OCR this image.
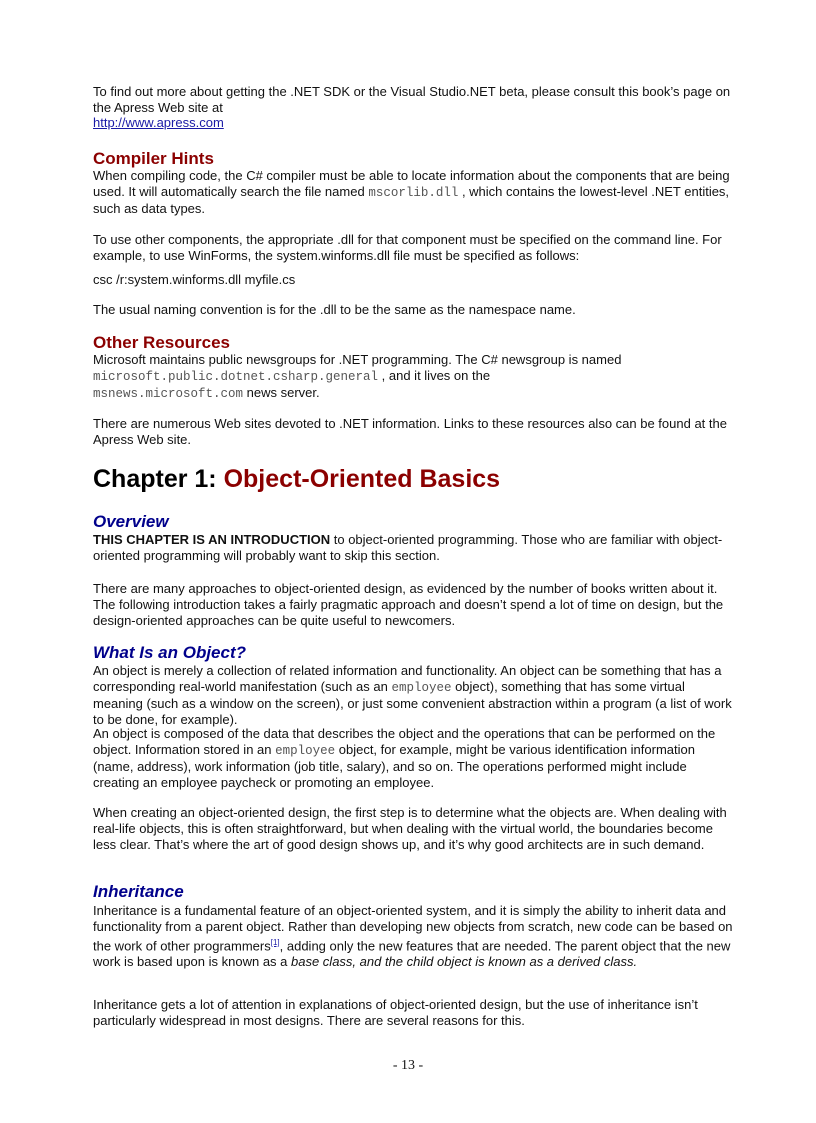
To find out more about getting the .NET SDK or the Visual Studio.NET beta, please consult this book’s page on the Apress Web site at

http://www.apress.com
Compiler Hints

When compiling code, the C# compiler must be able to locate information about the components that are being used. It will automatically search the file named mscorlib.dll , which contains the lowest-level .NET entities, such as data types.

To use other components, the appropriate .dll for that component must be specified on the command line. For example, to use WinForms, the system.winforms.dll file must be specified as follows:

csc /r:system.winforms.dll myfile.cs

The usual naming convention is for the .dll to be the same as the namespace name.

Other Resources

Microsoft maintains public newsgroups for .NET programming. The C# newsgroup is named
microsoft.public.dotnet.csharp.general , and it lives on the
msnews.microsoft.com news server.

There are numerous Web sites devoted to .NET information. Links to these resources also can be found at the Apress Web site.

Chapter 1: Object-Oriented Basics
Overview

THIS CHAPTER IS AN INTRODUCTION to object-oriented programming. Those who are familiar with object-oriented programming will probably want to skip this section.

There are many approaches to object-oriented design, as evidenced by the number of books written about it. The following introduction takes a fairly pragmatic approach and doesn’t spend a lot of time on design, but the design-oriented approaches can be quite useful to newcomers.

What Is an Object?

An object is merely a collection of related information and functionality. An object can be something that has a corresponding real-world manifestation (such as an employee object), something that has some virtual meaning (such as a window on the screen), or just some convenient abstraction within a program (a list of work to be done, for example).

An object is composed of the data that describes the object and the operations that can be performed on the object. Information stored in an employee object, for example, might be various identification information (name, address), work information (job title, salary), and so on. The operations performed might include creating an employee paycheck or promoting an employee.

When creating an object-oriented design, the first step is to determine what the objects are. When dealing with real-life objects, this is often straightforward, but when dealing with the virtual world, the boundaries become less clear. That’s where the art of good design shows up, and it’s why good architects are in such demand.

Inheritance

Inheritance is a fundamental feature of an object-oriented system, and it is simply the ability to inherit data and functionality from a parent object. Rather than developing new objects from scratch, new code can be based on the work of other programmers[1], adding only the new features that are needed. The parent object that the new work is based upon is known as a base class, and the child object is known as a derived class.

Inheritance gets a lot of attention in explanations of object-oriented design, but the use of inheritance isn’t particularly widespread in most designs. There are several reasons for this.

- 13 -
